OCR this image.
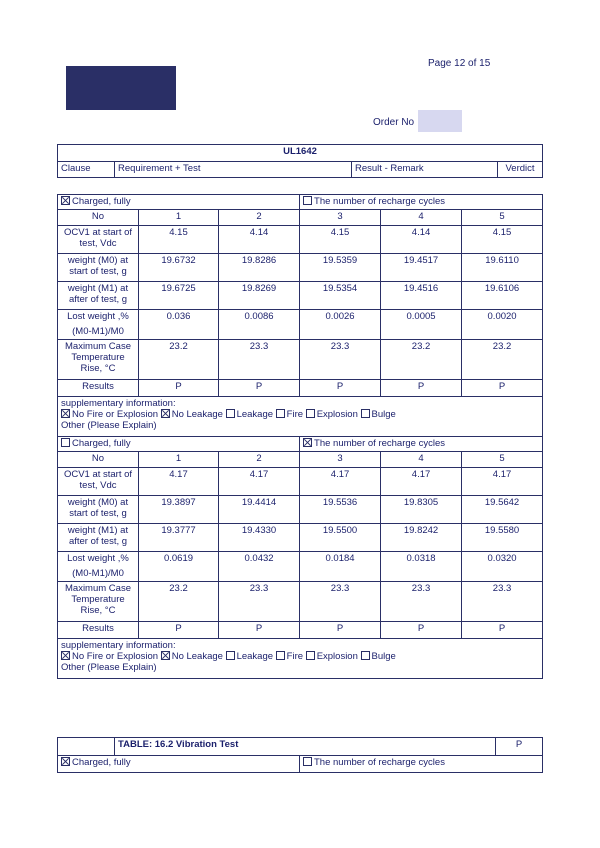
Page 12 of 15
Order No
UL1642
Clause	Requirement + Test	Result - Remark	Verdict
Charged, fully			The number of recharge cycles		
No	1	2	3	4	5

OCV1 at start of test, Vdc	4.15	4.14	4.15	4.14	4.15

weight (M0) at start of test, g	19.6732	19.8286	19.5359	19.4517	19.6110

weight (M1) at after of test, g	19.6725	19.8269	19.5354	19.4516	19.6106

Lost weight ,%
(M0-M1)/M0	0.036	0.0086	0.0026	0.0005	0.0020

Maximum Case Temperature Rise, °C	23.2	23.3	23.3	23.2	23.2

Results	P	P	P	P	P

supplementary information:
No Fire or Explosion No Leakage Leakage Fire Explosion Bulge
Other (Please Explain)					

Charged, fully			The number of recharge cycles		
No	1	2	3	4	5

OCV1 at start of test, Vdc	4.17	4.17	4.17	4.17	4.17

weight (M0) at start of test, g	19.3897	19.4414	19.5536	19.8305	19.5642

weight (M1) at after of test, g	19.3777	19.4330	19.5500	19.8242	19.5580

Lost weight ,%
(M0-M1)/M0	0.0619	0.0432	0.0184	0.0318	0.0320

Maximum Case Temperature Rise, °C	23.2	23.3	23.3	23.3	23.3

Results	P	P	P	P	P

supplementary information:
No Fire or Explosion No Leakage Leakage Fire Explosion Bulge
Other (Please Explain)					
	TABLE: 16.2 Vibration Test		P
Charged, fully		The number of recharge cycles	
